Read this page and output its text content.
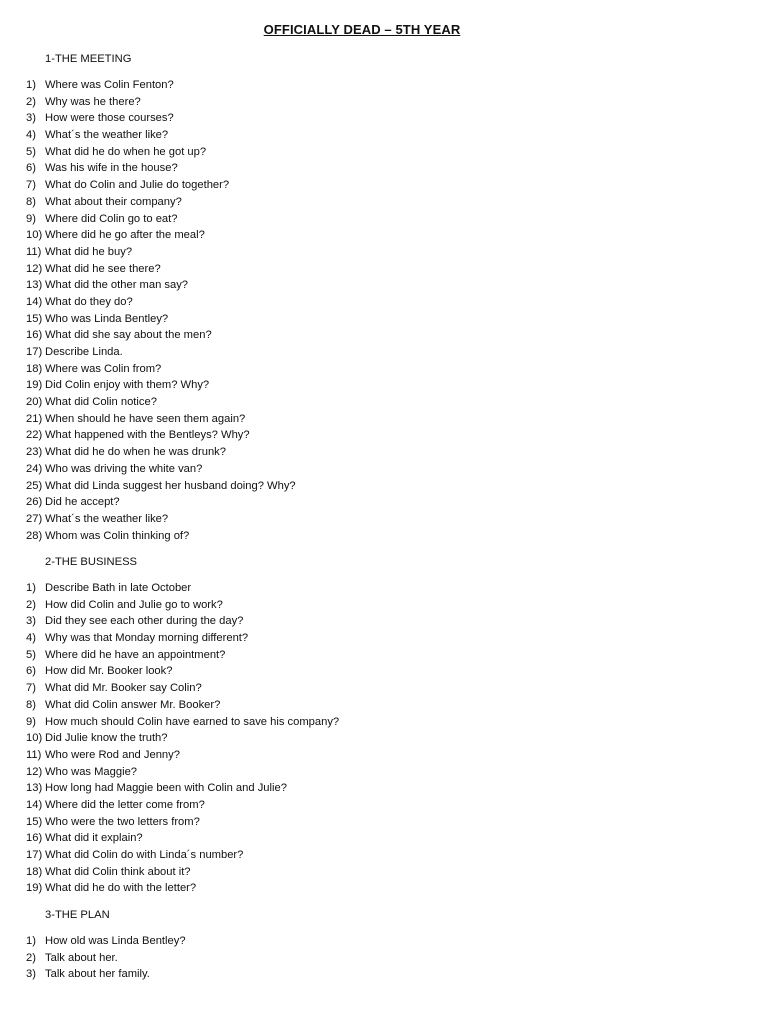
OFFICIALLY DEAD – 5TH YEAR
1-THE MEETING
1) Where was Colin Fenton?
2) Why was he there?
3) How were those courses?
4) What´s the weather like?
5) What did he do when he got up?
6) Was his wife in the house?
7) What do Colin and Julie do together?
8) What about their company?
9) Where did Colin go to eat?
10) Where did he go after the meal?
11) What did he buy?
12) What did he see there?
13) What did the other man say?
14) What do they do?
15) Who was Linda Bentley?
16) What did she say about the men?
17) Describe Linda.
18) Where was Colin from?
19) Did Colin enjoy with them? Why?
20) What did Colin notice?
21) When should he have seen them again?
22) What happened with the Bentleys? Why?
23) What did he do when he was drunk?
24) Who was driving the white van?
25) What did Linda suggest her husband doing? Why?
26) Did he accept?
27) What´s the weather like?
28) Whom was Colin thinking of?
2-THE BUSINESS
1) Describe Bath in late October
2) How did Colin and Julie go to work?
3) Did they see each other during the day?
4) Why was that Monday morning different?
5) Where did he have an appointment?
6) How did Mr. Booker look?
7) What did Mr. Booker say Colin?
8) What did Colin answer Mr. Booker?
9) How much should Colin have earned to save his company?
10) Did Julie know the truth?
11) Who were Rod and Jenny?
12) Who was Maggie?
13) How long had Maggie been with Colin and Julie?
14) Where did the letter come from?
15) Who were the two letters from?
16) What did it explain?
17) What did Colin do with Linda´s number?
18) What did Colin think about it?
19) What did he do with the letter?
3-THE PLAN
1) How old was Linda Bentley?
2) Talk about her.
3) Talk about her family.
